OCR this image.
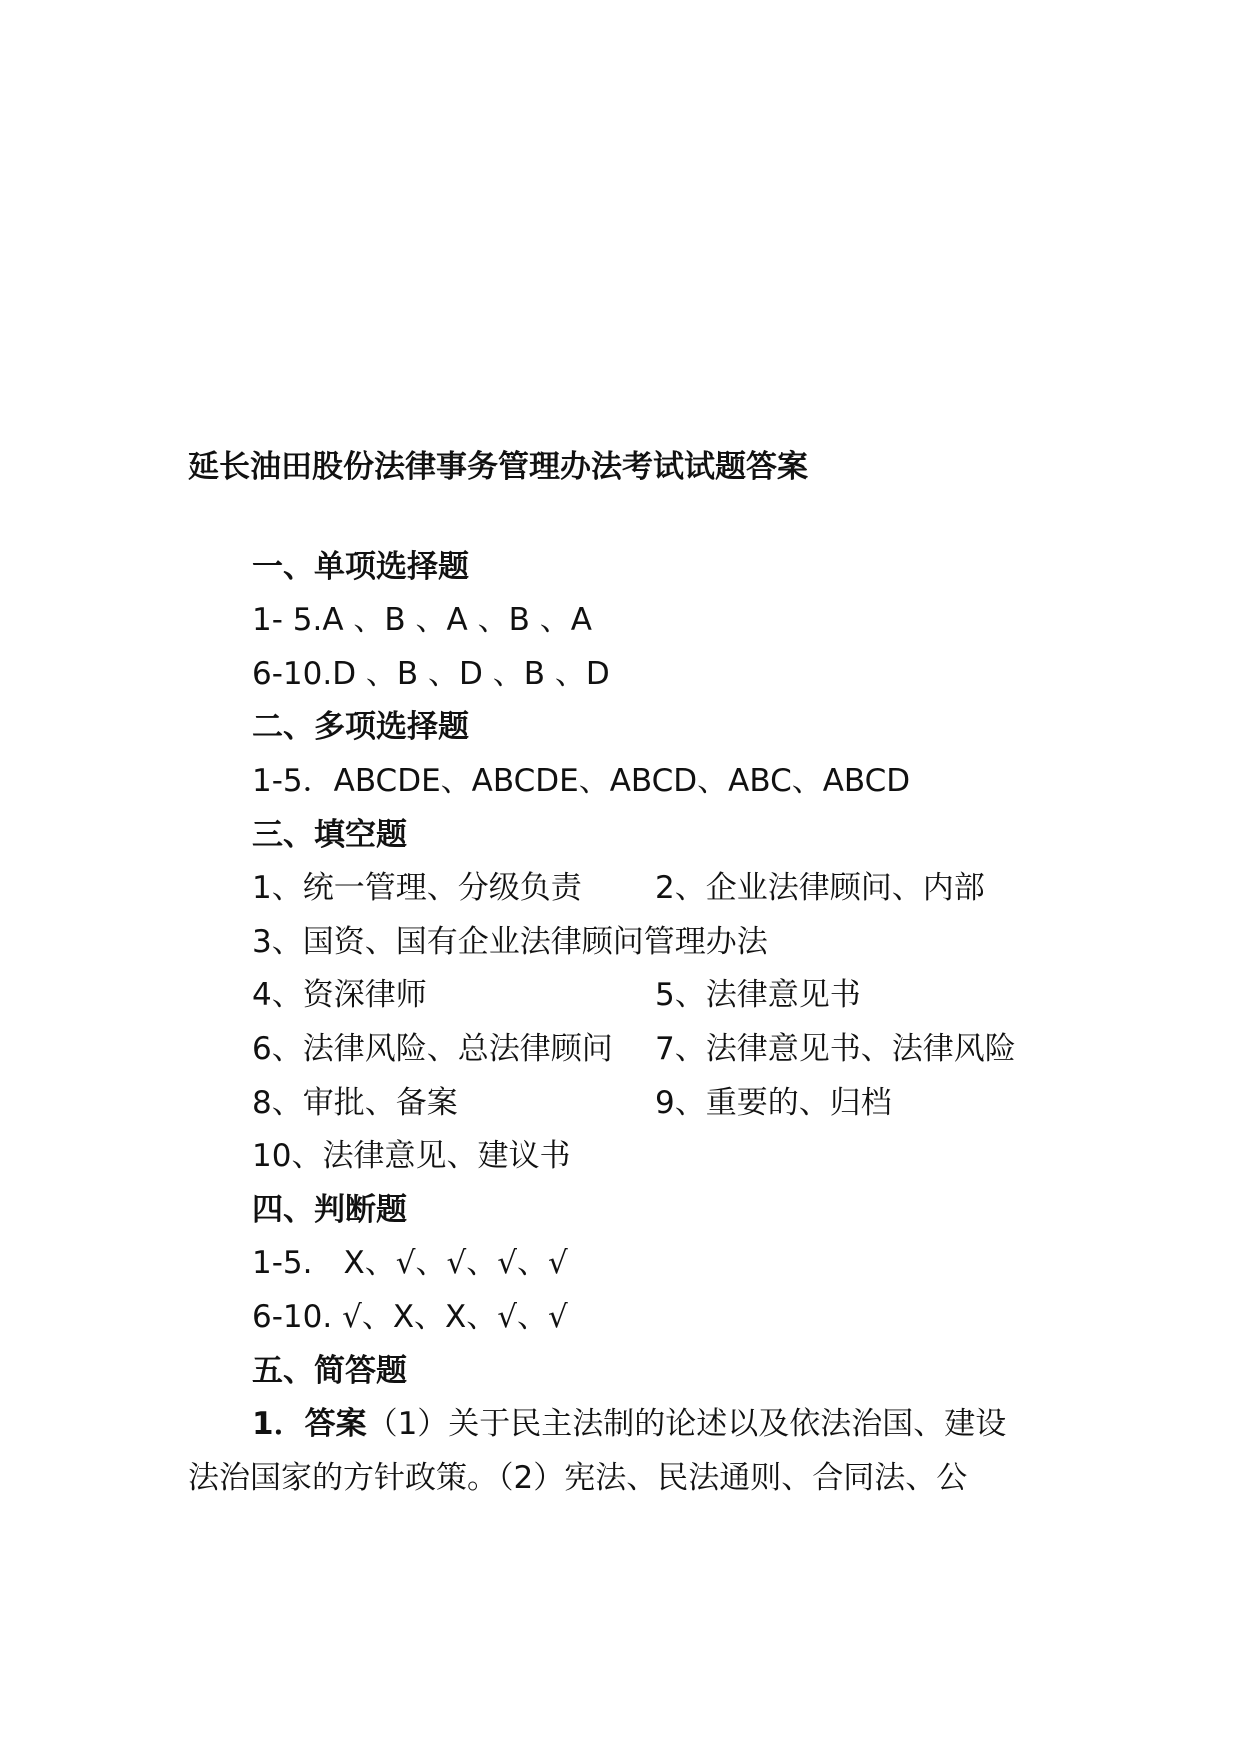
延长油田股份法律事务管理办法考试试题答案
一、单项选择题
1- 5.A 、B 、A 、B 、A
6-10.D 、B 、D 、B 、D
二、多项选择题
1-5．ABCDE、ABCDE、ABCD、ABC、ABCD
三、填空题
1、统一管理、分级负责 2、企业法律顾问、内部
3、国资、国有企业法律顾问管理办法
4、资深律师	5、法律意见书
6、法律风险、总法律顾问 7、法律意见书、法律风险
8、审批、备案	9、重要的、归档
10、法律意见、建议书
四、判断题
1-5.　X、√、√、√、√
6-10. √、X、X、√、√
五、简答题
1．答案（1）关于民主法制的论述以及依法治国、建设
法治国家的方针政策。（2）宪法、民法通则、合同法、公
